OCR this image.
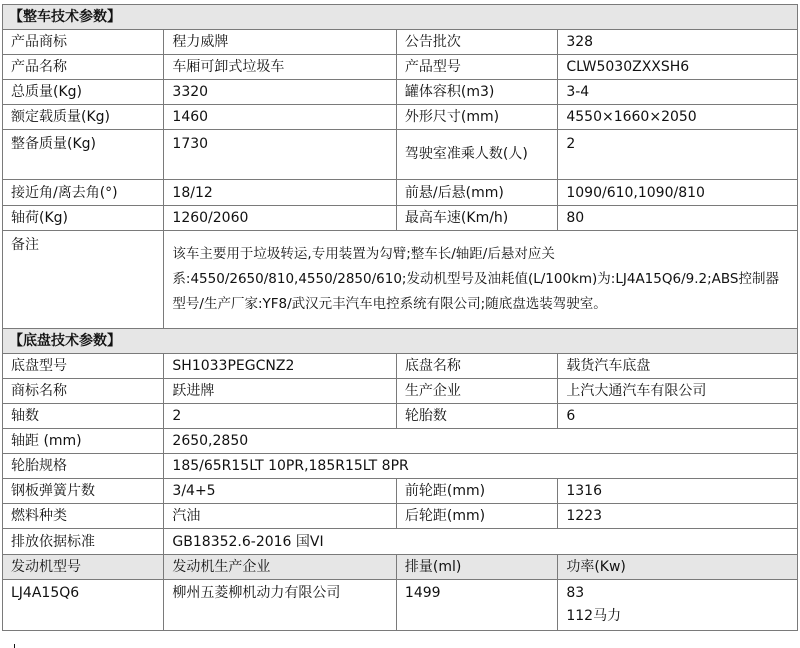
【整车技术参数】			
产品商标	程力威牌	公告批次	328
产品名称	车厢可卸式垃圾车	产品型号	CLW5030ZXXSH6
总质量(Kg)	3320	罐体容积(m3)	3-4
额定载质量(Kg)	1460	外形尺寸(mm)	4550×1660×2050
整备质量(Kg)	1730	驾驶室准乘人数(人)	2
接近角/离去角(°)	18/12	前悬/后悬(mm)	1090/610,1090/810
轴荷(Kg)	1260/2060	最高车速(Km/h)	80
备注	该车主要用于垃圾转运,专用装置为勾臂;整车长/轴距/后悬对应关系:4550/2650/810,4550/2850/610;发动机型号及油耗值(L/100km)为:LJ4A15Q6/9.2;ABS控制器型号/生产厂家:YF8/武汉元丰汽车电控系统有限公司;随底盘选装驾驶室。		
【底盘技术参数】			
底盘型号	SH1033PEGCNZ2	底盘名称	载货汽车底盘
商标名称	跃进牌	生产企业	上汽大通汽车有限公司
轴数	2	轮胎数	6
轴距 (mm)	2650,2850		
轮胎规格	185/65R15LT 10PR,185R15LT 8PR		
钢板弹簧片数	3/4+5	前轮距(mm)	1316
燃料种类	汽油	后轮距(mm)	1223
排放依据标准	GB18352.6-2016 国VI		
发动机型号	发动机生产企业	排量(ml)	功率(Kw)
LJ4A15Q6	柳州五菱柳机动力有限公司	1499	83
112马力
